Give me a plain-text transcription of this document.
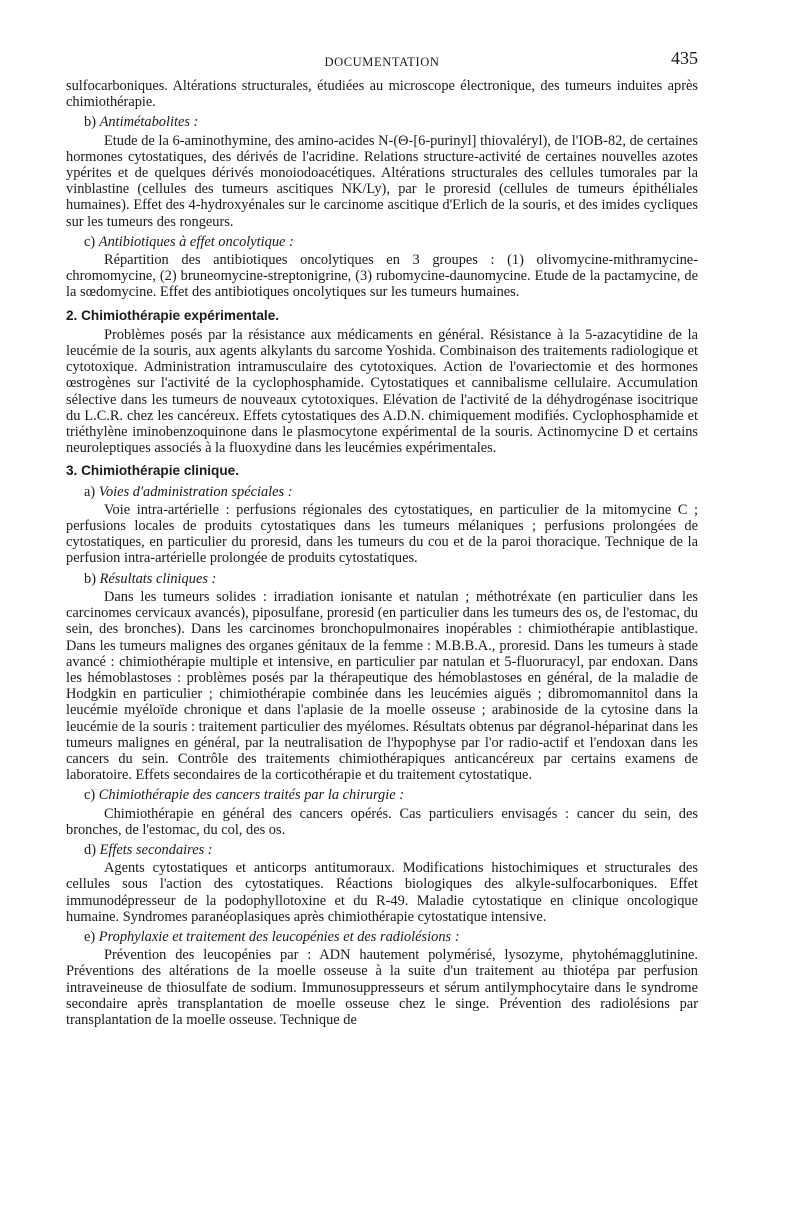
DOCUMENTATION	435

sulfocarboniques. Altérations structurales, étudiées au microscope électronique, des tumeurs induites après chimiothérapie.

b) Antimétabolites :

Etude de la 6-aminothymine, des amino-acides N-(Θ-[6-purinyl] thiovaléryl), de l'IOB-82, de certaines hormones cytostatiques, des dérivés de l'acridine. Relations structure-activité de certaines nouvelles azotes ypérites et de quelques dérivés monoiodoacétiques. Altérations structurales des cellules tumorales par la vinblastine (cellules des tumeurs ascitiques NK/Ly), par le proresid (cellules de tumeurs épithéliales humaines). Effet des 4-hydroxyénales sur le carcinome ascitique d'Erlich de la souris, et des imides cycliques sur les tumeurs des rongeurs.

c) Antibiotiques à effet oncolytique :

Répartition des antibiotiques oncolytiques en 3 groupes : (1) olivomycine-mithramycine-chromomycine, (2) bruneomycine-streptonigrine, (3) rubomycine-daunomycine. Etude de la pactamycine, de la sœdomycine. Effet des antibiotiques oncolytiques sur les tumeurs humaines.

2. Chimiothérapie expérimentale.

Problèmes posés par la résistance aux médicaments en général. Résistance à la 5-azacytidine de la leucémie de la souris, aux agents alkylants du sarcome Yoshida. Combinaison des traitements radiologique et cytotoxique. Administration intramusculaire des cytotoxiques. Action de l'ovariectomie et des hormones œstrogènes sur l'activité de la cyclophosphamide. Cytostatiques et cannibalisme cellulaire. Accumulation sélective dans les tumeurs de nouveaux cytotoxiques. Elévation de l'activité de la déhydrogénase isocitrique du L.C.R. chez les cancéreux. Effets cytostatiques des A.D.N. chimiquement modifiés. Cyclophosphamide et triéthylène iminobenzoquinone dans le plasmocytone expérimental de la souris. Actinomycine D et certains neuroleptiques associés à la fluoxydine dans les leucémies expérimentales.

3. Chimiothérapie clinique.
a) Voies d'administration spéciales :

Voie intra-artérielle : perfusions régionales des cytostatiques, en particulier de la mitomycine C ; perfusions locales de produits cytostatiques dans les tumeurs mélaniques ; perfusions prolongées de cytostatiques, en particulier du proresid, dans les tumeurs du cou et de la paroi thoracique. Technique de la perfusion intra-artérielle prolongée de produits cytostatiques.

b) Résultats cliniques :

Dans les tumeurs solides : irradiation ionisante et natulan ; méthotréxate (en particulier dans les carcinomes cervicaux avancés), piposulfane, proresid (en particulier dans les tumeurs des os, de l'estomac, du sein, des bronches). Dans les carcinomes bronchopulmonaires inopérables : chimiothérapie antiblastique. Dans les tumeurs malignes des organes génitaux de la femme : M.B.B.A., proresid. Dans les tumeurs à stade avancé : chimiothérapie multiple et intensive, en particulier par natulan et 5-fluoruracyl, par endoxan. Dans les hémoblastoses : problèmes posés par la thérapeutique des hémoblastoses en général, de la maladie de Hodgkin en particulier ; chimiothérapie combinée dans les leucémies aiguës ; dibromomannitol dans la leucémie myéloïde chronique et dans l'aplasie de la moelle osseuse ; arabinoside de la cytosine dans la leucémie de la souris : traitement particulier des myélomes. Résultats obtenus par dégranol-héparinat dans les tumeurs malignes en général, par la neutralisation de l'hypophyse par l'or radio-actif et l'endoxan dans les cancers du sein. Contrôle des traitements chimiothérapiques anticancéreux par certains examens de laboratoire. Effets secondaires de la corticothérapie et du traitement cytostatique.

c) Chimiothérapie des cancers traités par la chirurgie :

Chimiothérapie en général des cancers opérés. Cas particuliers envisagés : cancer du sein, des bronches, de l'estomac, du col, des os.

d) Effets secondaires :

Agents cytostatiques et anticorps antitumoraux. Modifications histochimiques et structurales des cellules sous l'action des cytostatiques. Réactions biologiques des alkyle-sulfocarboniques. Effet immunodépresseur de la podophyllotoxine et du R-49. Maladie cytostatique en clinique oncologique humaine. Syndromes paranéoplasiques après chimiothérapie cytostatique intensive.

e) Prophylaxie et traitement des leucopénies et des radiolésions :

Prévention des leucopénies par : ADN hautement polymérisé, lysozyme, phytohémagglutinine. Préventions des altérations de la moelle osseuse à la suite d'un traitement au thiotépa par perfusion intraveineuse de thiosulfate de sodium. Immunosuppresseurs et sérum antilymphocytaire dans le syndrome secondaire après transplantation de moelle osseuse chez le singe. Prévention des radiolésions par transplantation de la moelle osseuse. Technique de
